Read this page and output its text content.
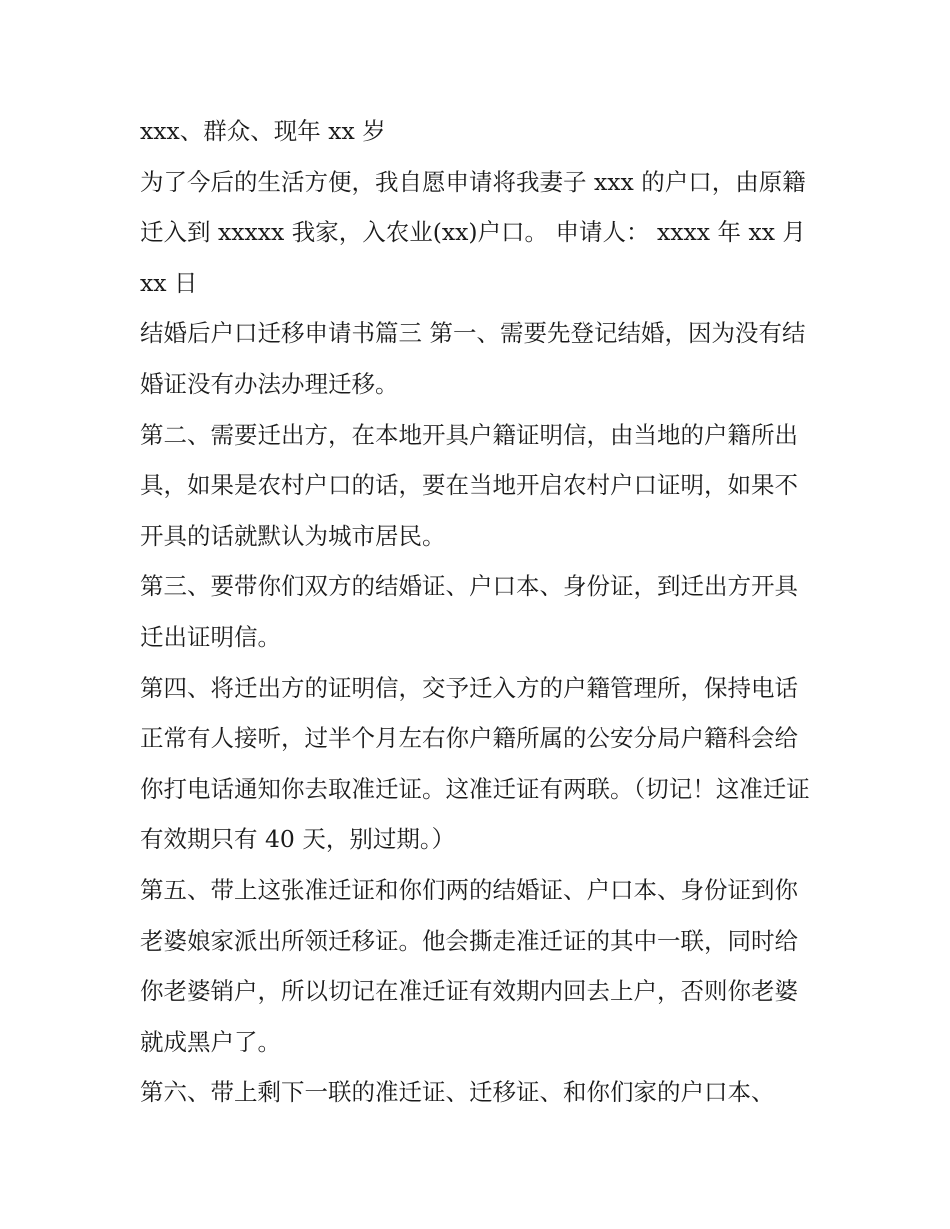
xxx、群众、现年 xx 岁

为了今后的生活方便，我自愿申请将我妻子 xxx 的户口，由原籍迁入到 xxxxx 我家，入农业(xx)户口。 申请人： xxxx 年 xx 月 xx 日

结婚后户口迁移申请书篇三 第一、需要先登记结婚，因为没有结婚证没有办法办理迁移。

第二、需要迁出方，在本地开具户籍证明信，由当地的户籍所出具，如果是农村户口的话，要在当地开启农村户口证明，如果不开具的话就默认为城市居民。

第三、要带你们双方的结婚证、户口本、身份证，到迁出方开具迁出证明信。

第四、将迁出方的证明信，交予迁入方的户籍管理所，保持电话正常有人接听，过半个月左右你户籍所属的公安分局户籍科会给你打电话通知你去取准迁证。这准迁证有两联。（切记！这准迁证有效期只有 40 天，别过期。）

第五、带上这张准迁证和你们两的结婚证、户口本、身份证到你老婆娘家派出所领迁移证。他会撕走准迁证的其中一联，同时给你老婆销户，所以切记在准迁证有效期内回去上户，否则你老婆就成黑户了。

第六、带上剩下一联的准迁证、迁移证、和你们家的户口本、
